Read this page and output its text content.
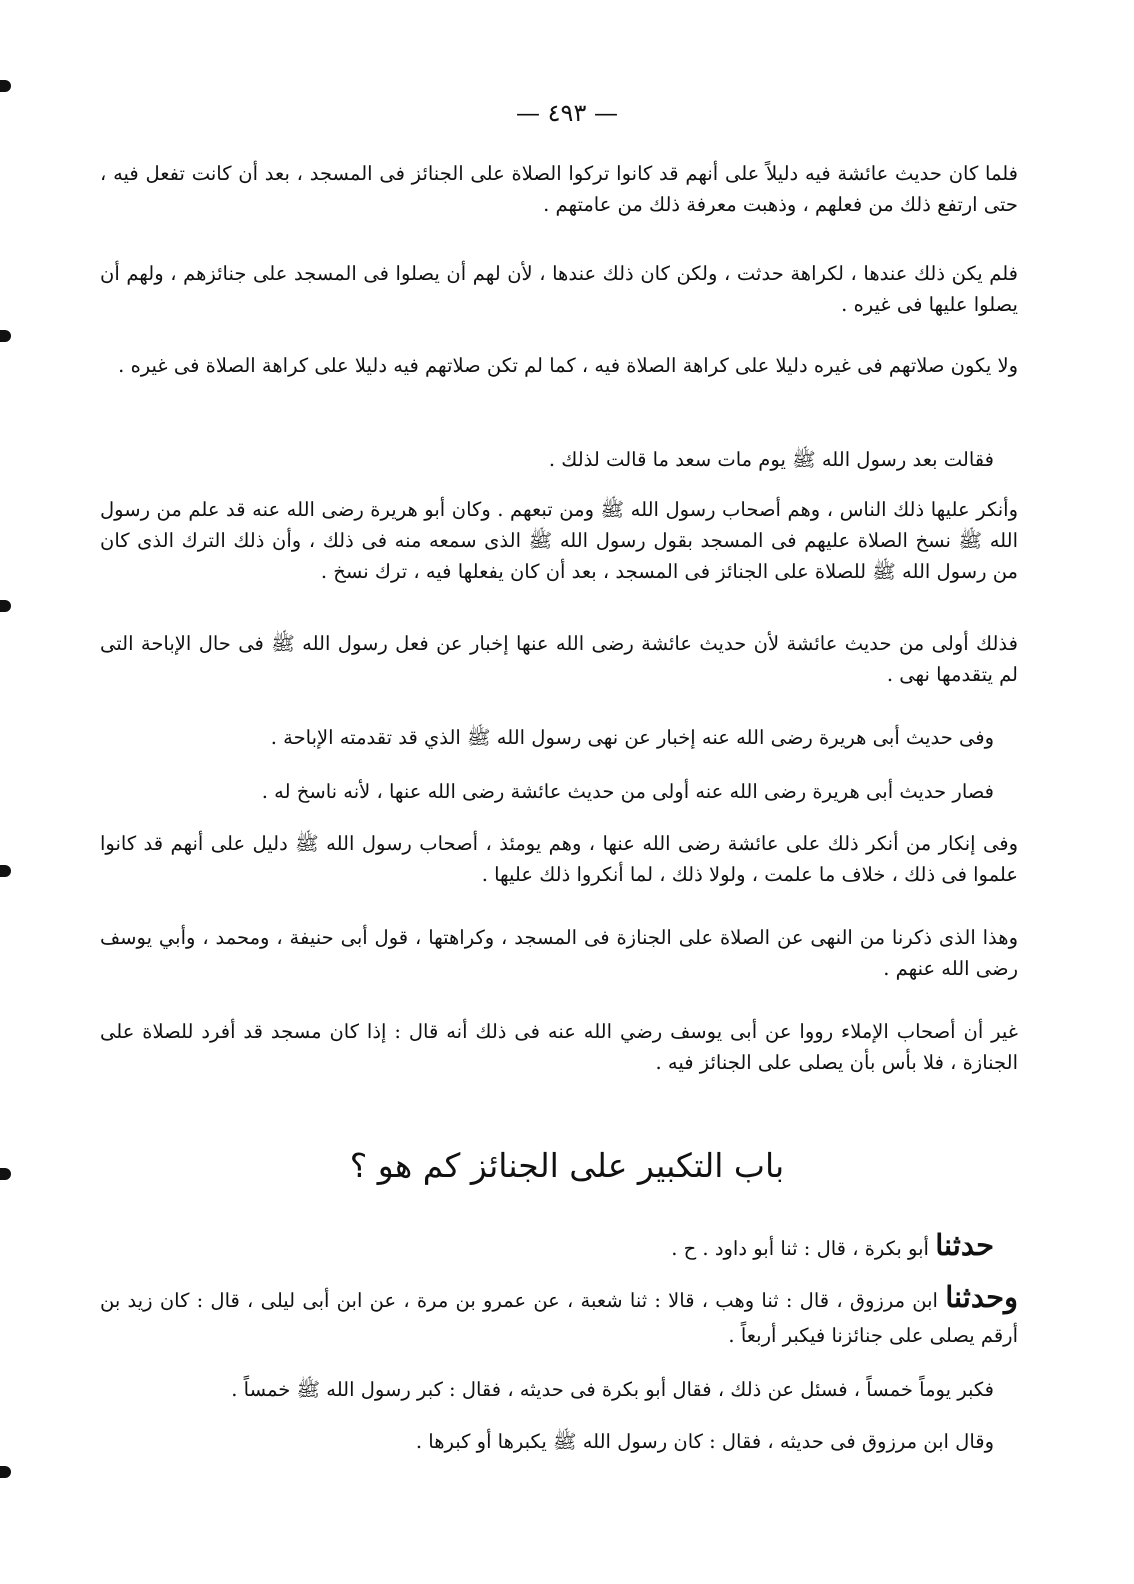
— ٤٩٣ —

فلما كان حديث عائشة فيه دليلاً على أنهم قد كانوا تركوا الصلاة على الجنائز فى المسجد ، بعد أن كانت تفعل فيه ، حتى ارتفع ذلك من فعلهم ، وذهبت معرفة ذلك من عامتهم .

فلم يكن ذلك عندها ، لكراهة حدثت ، ولكن كان ذلك عندها ، لأن لهم أن يصلوا فى المسجد على جنائزهم ، ولهم أن يصلوا عليها فى غيره .

ولا يكون صلاتهم فى غيره دليلا على كراهة الصلاة فيه ، كما لم تكن صلاتهم فيه دليلا على كراهة الصلاة فى غيره .

فقالت بعد رسول الله ﷺ يوم مات سعد ما قالت لذلك .

وأنكر عليها ذلك الناس ، وهم أصحاب رسول الله ﷺ ومن تبعهم . وكان أبو هريرة رضى الله عنه قد علم من رسول الله ﷺ نسخ الصلاة عليهم فى المسجد بقول رسول الله ﷺ الذى سمعه منه فى ذلك ، وأن ذلك الترك الذى كان من رسول الله ﷺ للصلاة على الجنائز فى المسجد ، بعد أن كان يفعلها فيه ، ترك نسخ .

فذلك أولى من حديث عائشة لأن حديث عائشة رضى الله عنها إخبار عن فعل رسول الله ﷺ فى حال الإباحة التى لم يتقدمها نهى .

وفى حديث أبى هريرة رضى الله عنه إخبار عن نهى رسول الله ﷺ الذي قد تقدمته الإباحة .

فصار حديث أبى هريرة رضى الله عنه أولى من حديث عائشة رضى الله عنها ، لأنه ناسخ له .

وفى إنكار من أنكر ذلك على عائشة رضى الله عنها ، وهم يومئذ ، أصحاب رسول الله ﷺ دليل على أنهم قد كانوا علموا فى ذلك ، خلاف ما علمت ، ولولا ذلك ، لما أنكروا ذلك عليها .

وهذا الذى ذكرنا من النهى عن الصلاة على الجنازة فى المسجد ، وكراهتها ، قول أبى حنيفة ، ومحمد ، وأبي يوسف رضى الله عنهم .

غير أن أصحاب الإملاء رووا عن أبى يوسف رضي الله عنه فى ذلك أنه قال : إذا كان مسجد قد أفرد للصلاة على الجنازة ، فلا بأس بأن يصلى على الجنائز فيه .

باب التكبير على الجنائز كم هو ؟

حدثنا أبو بكرة ، قال : ثنا أبو داود . ح .

وحدثنا ابن مرزوق ، قال : ثنا وهب ، قالا : ثنا شعبة ، عن عمرو بن مرة ، عن ابن أبى ليلى ، قال : كان زيد بن أرقم يصلى على جنائزنا فيكبر أربعاً .

فكبر يوماً خمساً ، فسئل عن ذلك ، فقال أبو بكرة فى حديثه ، فقال : كبر رسول الله ﷺ خمساً .

وقال ابن مرزوق فى حديثه ، فقال : كان رسول الله ﷺ يكبرها أو كبرها .
